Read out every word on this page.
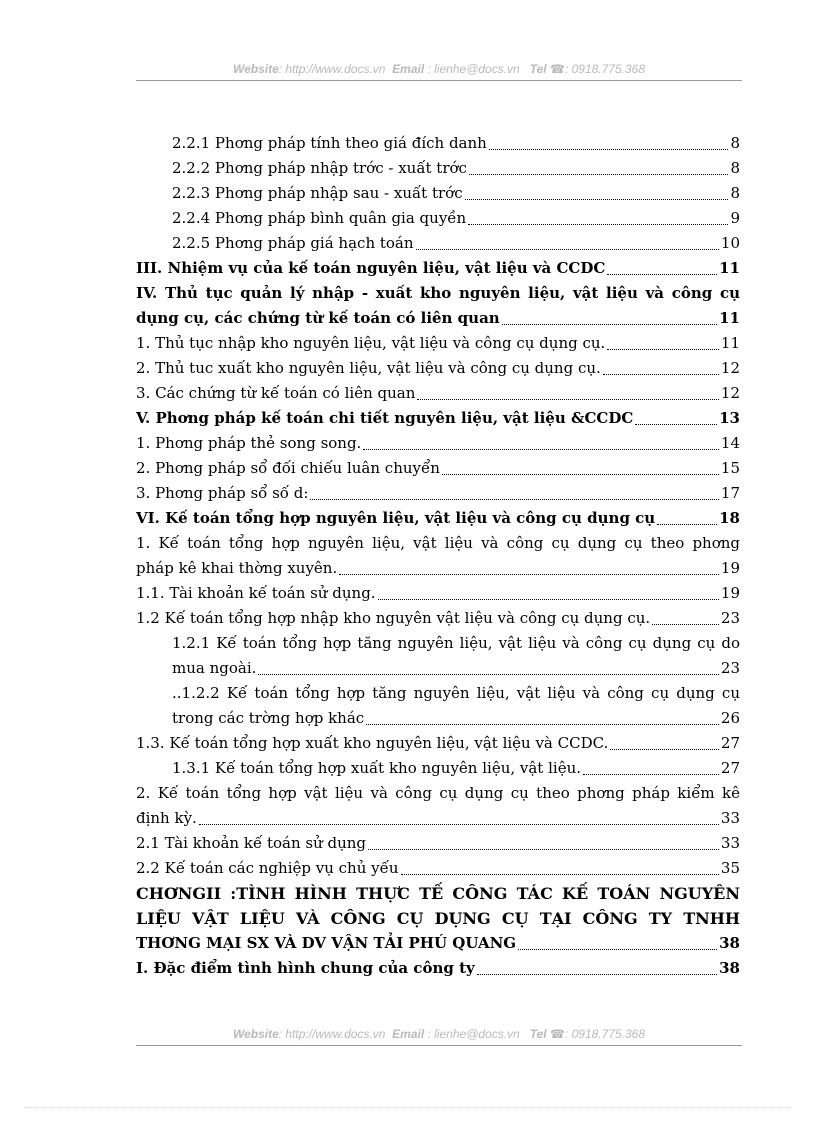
Website: http://www.docs.vn Email : lienhe@docs.vn Tel ☎: 0918.775.368
2.2.1 Phơng pháp tính theo giá đích danh	8
2.2.2 Phơng pháp nhập trớc - xuất trớc	8
2.2.3 Phơng pháp nhập sau - xuất trớc	8
2.2.4 Phơng pháp bình quân gia quyền	9
2.2.5 Phơng pháp giá hạch toán	10
III. Nhiệm vụ của kế toán nguyên liệu, vật liệu và CCDC	11
IV. Thủ tục quản lý nhập - xuất kho nguyên liệu, vật liệu và công cụ
dụng cụ, các chứng từ kế toán có liên quan	11
1. Thủ tục nhập kho nguyên liệu, vật liệu và công cụ dụng cụ.	11
2. Thủ tuc xuất kho nguyên liệu, vật liệu và công cụ dụng cụ.	12
3. Các chứng từ kế toán có liên quan	12
V. Phơng pháp kế toán chi tiết nguyên liệu, vật liệu &CCDC	13
1. Phơng pháp thẻ song song.	14
2. Phơng pháp sổ đối chiếu luân chuyển	15
3. Phơng pháp sổ số d:	17
VI. Kế toán tổng hợp nguyên liệu, vật liệu và công cụ dụng cụ	18
1. Kế toán tổng hợp nguyên liệu, vật liệu và công cụ dụng cụ theo phơng
pháp kê khai thờng xuyên.	19
1.1. Tài khoản kế toán sử dụng.	19
1.2 Kế toán tổng hợp nhập kho nguyên vật liệu và công cụ dụng cụ.	23
1.2.1 Kế toán tổng hợp tăng nguyên liệu, vật liệu và công cụ dụng cụ do
mua ngoài.	23
..1.2.2 Kế toán tổng hợp tăng nguyên liệu, vật liệu và công cụ dụng cụ
trong các trờng hợp khác	26
1.3. Kế toán tổng hợp xuất kho nguyên liệu, vật liệu và CCDC.	27
1.3.1 Kế toán tổng hợp xuất kho nguyên liệu, vật liệu.	27
2. Kế toán tổng hợp vật liệu và công cụ dụng cụ theo phơng pháp kiểm kê
định kỳ.	33
2.1 Tài khoản kế toán sử dụng	33
2.2 Kế toán các nghiệp vụ chủ yếu	35
CHƠNGII :TÌNH HÌNH THỰC TẾ CÔNG TÁC KẾ TOÁN NGUYÊN
LIỆU VẬT LIỆU VÀ CÔNG CỤ DỤNG CỤ TẠI CÔNG TY TNHH
THƠNG MẠI SX VÀ DV VẬN TẢI PHÚ QUANG	38
I. Đặc điểm tình hình chung của công ty	38
Website: http://www.docs.vn Email : lienhe@docs.vn Tel ☎: 0918.775.368
